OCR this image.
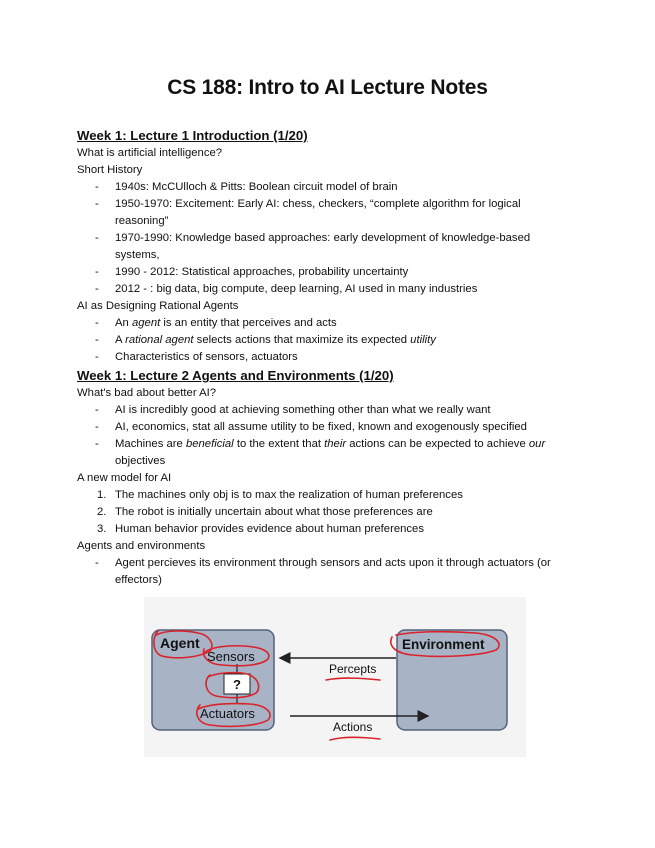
CS 188: Intro to AI Lecture Notes
Week 1: Lecture 1 Introduction (1/20)
What is artificial intelligence?
Short History
- 1940s: McCUlloch & Pitts: Boolean circuit model of brain
- 1950-1970: Excitement: Early AI: chess, checkers, “complete algorithm for logical reasoning”
- 1970-1990: Knowledge based approaches: early development of knowledge-based systems,
- 1990 - 2012: Statistical approaches, probability uncertainty
- 2012 - : big data, big compute, deep learning, AI used in many industries
AI as Designing Rational Agents
- An agent is an entity that perceives and acts
- A rational agent selects actions that maximize its expected utility
- Characteristics of sensors, actuators
Week 1: Lecture 2 Agents and Environments (1/20)
What's bad about better AI?
- AI is incredibly good at achieving something other than what we really want
- AI, economics, stat all assume utility to be fixed, known and exogenously specified
- Machines are beneficial to the extent that their actions can be expected to achieve our objectives
A new model for AI
1. The machines only obj is to max the realization of human preferences
2. The robot is initially uncertain about what those preferences are
3. Human behavior provides evidence about human preferences
Agents and environments
- Agent percieves its environment through sensors and acts upon it through actuators (or effectors)
Agent
Sensors
?
Actuators
Environment
Percepts
Actions
